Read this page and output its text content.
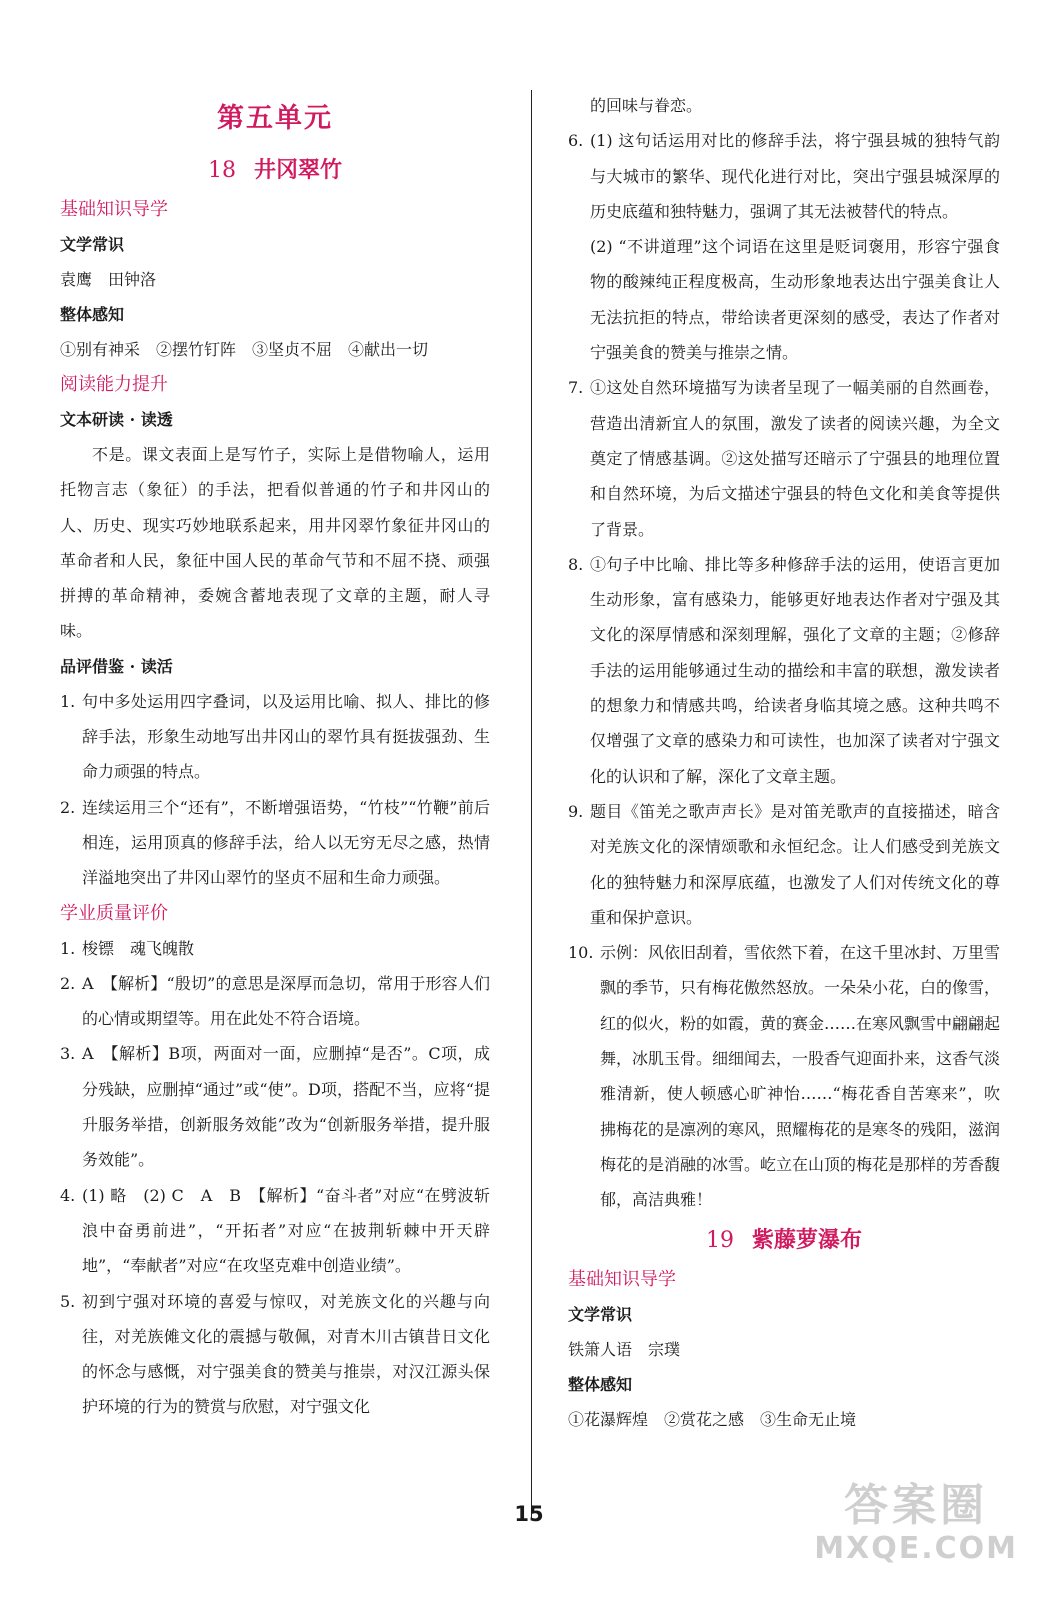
第五单元
18 井冈翠竹
基础知识导学
文学常识
袁鹰　田钟洛
整体感知
①别有神采　②摆竹钉阵　③坚贞不屈　④献出一切
阅读能力提升
文本研读 · 读透
不是。课文表面上是写竹子，实际上是借物喻人，运用托物言志（象征）的手法，把看似普通的竹子和井冈山的人、历史、现实巧妙地联系起来，用井冈翠竹象征井冈山的革命者和人民，象征中国人民的革命气节和不屈不挠、顽强拼搏的革命精神，委婉含蓄地表现了文章的主题，耐人寻味。
品评借鉴 · 读活
1. 句中多处运用四字叠词，以及运用比喻、拟人、排比的修辞手法，形象生动地写出井冈山的翠竹具有挺拔强劲、生命力顽强的特点。
2. 连续运用三个“还有”，不断增强语势，“竹枝”“竹鞭”前后相连，运用顶真的修辞手法，给人以无穷无尽之感，热情洋溢地突出了井冈山翠竹的坚贞不屈和生命力顽强。
学业质量评价
1. 梭镖　魂飞魄散
2. A　【解析】“殷切”的意思是深厚而急切，常用于形容人们的心情或期望等。用在此处不符合语境。
3. A　【解析】B项，两面对一面，应删掉“是否”。C项，成分残缺，应删掉“通过”或“使”。D项，搭配不当，应将“提升服务举措，创新服务效能”改为“创新服务举措，提升服务效能”。
4. (1) 略　(2) C　A　B　【解析】“奋斗者”对应“在劈波斩浪中奋勇前进”，“开拓者”对应“在披荆斩棘中开天辟地”，“奉献者”对应“在攻坚克难中创造业绩”。
5. 初到宁强对环境的喜爱与惊叹，对羌族文化的兴趣与向往，对羌族傩文化的震撼与敬佩，对青木川古镇昔日文化的怀念与感慨，对宁强美食的赞美与推崇，对汉江源头保护环境的行为的赞赏与欣慰，对宁强文化
的回味与眷恋。
6. (1) 这句话运用对比的修辞手法，将宁强县城的独特气韵与大城市的繁华、现代化进行对比，突出宁强县城深厚的历史底蕴和独特魅力，强调了其无法被替代的特点。
(2) “不讲道理”这个词语在这里是贬词褒用，形容宁强食物的酸辣纯正程度极高，生动形象地表达出宁强美食让人无法抗拒的特点，带给读者更深刻的感受，表达了作者对宁强美食的赞美与推崇之情。
7. ①这处自然环境描写为读者呈现了一幅美丽的自然画卷，营造出清新宜人的氛围，激发了读者的阅读兴趣，为全文奠定了情感基调。②这处描写还暗示了宁强县的地理位置和自然环境，为后文描述宁强县的特色文化和美食等提供了背景。
8. ①句子中比喻、排比等多种修辞手法的运用，使语言更加生动形象，富有感染力，能够更好地表达作者对宁强及其文化的深厚情感和深刻理解，强化了文章的主题；②修辞手法的运用能够通过生动的描绘和丰富的联想，激发读者的想象力和情感共鸣，给读者身临其境之感。这种共鸣不仅增强了文章的感染力和可读性，也加深了读者对宁强文化的认识和了解，深化了文章主题。
9. 题目《笛羌之歌声声长》是对笛羌歌声的直接描述，暗含对羌族文化的深情颂歌和永恒纪念。让人们感受到羌族文化的独特魅力和深厚底蕴，也激发了人们对传统文化的尊重和保护意识。
10. 示例：风依旧刮着，雪依然下着，在这千里冰封、万里雪飘的季节，只有梅花傲然怒放。一朵朵小花，白的像雪，红的似火，粉的如霞，黄的赛金……在寒风飘雪中翩翩起舞，冰肌玉骨。细细闻去，一股香气迎面扑来，这香气淡雅清新，使人顿感心旷神怡……“梅花香自苦寒来”，吹拂梅花的是凛冽的寒风，照耀梅花的是寒冬的残阳，滋润梅花的是消融的冰雪。屹立在山顶的梅花是那样的芳香馥郁，高洁典雅！
19 紫藤萝瀑布
基础知识导学
文学常识
铁箫人语　宗璞
整体感知
①花瀑辉煌　②赏花之感　③生命无止境
15	答案圈
MXQE.COM
